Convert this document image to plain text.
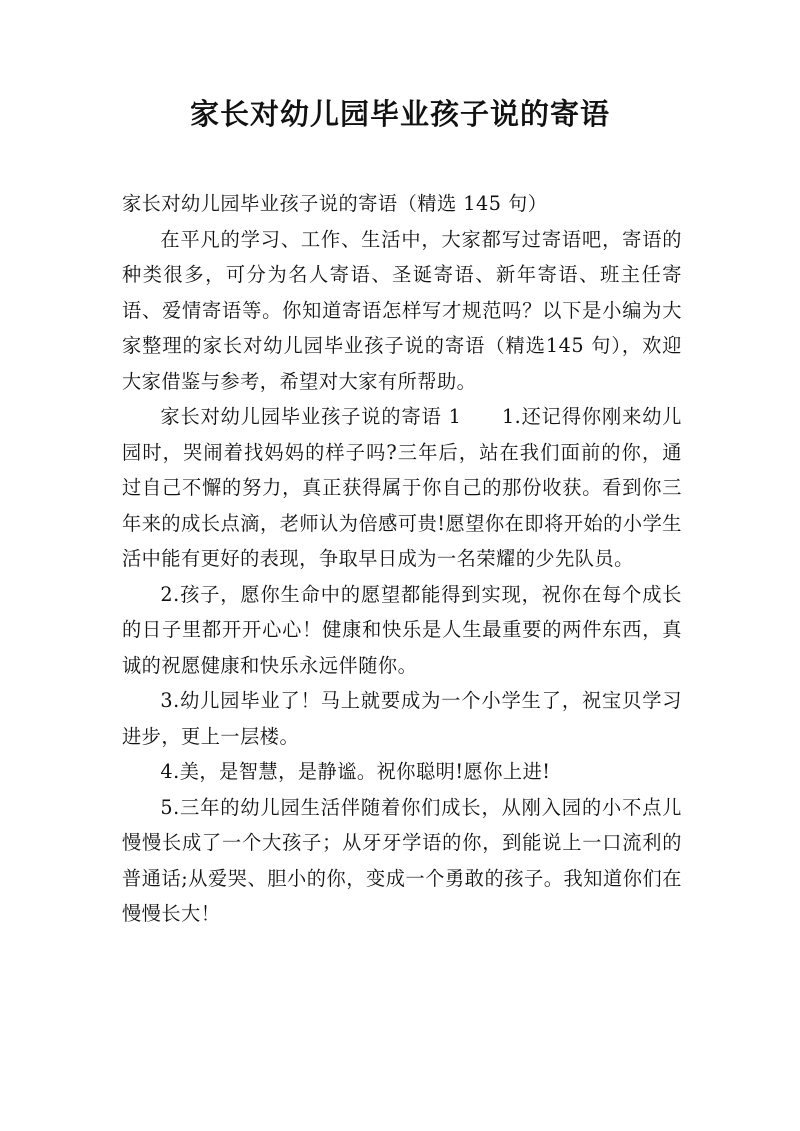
家长对幼儿园毕业孩子说的寄语

家长对幼儿园毕业孩子说的寄语（精选 145 句）

在平凡的学习、工作、生活中，大家都写过寄语吧，寄语的种类很多，可分为名人寄语、圣诞寄语、新年寄语、班主任寄语、爱情寄语等。你知道寄语怎样写才规范吗？以下是小编为大家整理的家长对幼儿园毕业孩子说的寄语（精选145 句），欢迎大家借鉴与参考，希望对大家有所帮助。

家长对幼儿园毕业孩子说的寄语 1　　1.还记得你刚来幼儿园时，哭闹着找妈妈的样子吗?三年后，站在我们面前的你，通过自己不懈的努力，真正获得属于你自己的那份收获。看到你三年来的成长点滴，老师认为倍感可贵!愿望你在即将开始的小学生活中能有更好的表现，争取早日成为一名荣耀的少先队员。

2.孩子，愿你生命中的愿望都能得到实现，祝你在每个成长的日子里都开开心心！健康和快乐是人生最重要的两件东西，真诚的祝愿健康和快乐永远伴随你。

3.幼儿园毕业了！马上就要成为一个小学生了，祝宝贝学习进步，更上一层楼。

4.美，是智慧，是静谧。祝你聪明!愿你上进!

5.三年的幼儿园生活伴随着你们成长，从刚入园的小不点儿慢慢长成了一个大孩子；从牙牙学语的你，到能说上一口流利的普通话;从爱哭、胆小的你，变成一个勇敢的孩子。我知道你们在慢慢长大！
